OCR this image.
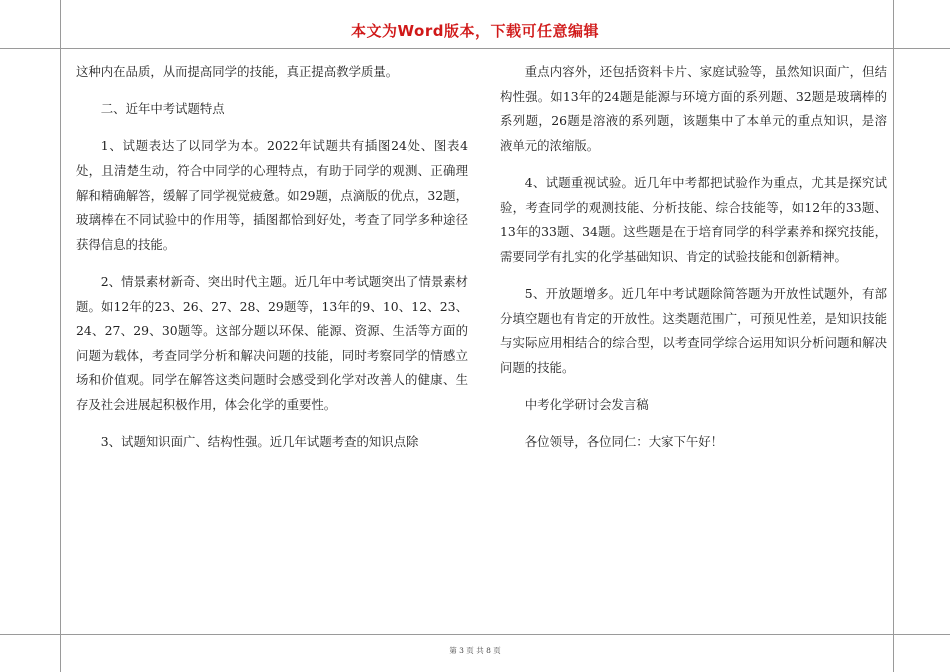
本文为Word版本，下载可任意编辑

这种内在品质，从而提高同学的技能，真正提高教学质量。

二、近年中考试题特点

1、试题表达了以同学为本。2022年试题共有插图24处、图表4处，且清楚生动，符合中同学的心理特点，有助于同学的观测、正确理解和精确解答，缓解了同学视觉疲惫。如29题，点滴版的优点，32题，玻璃棒在不同试验中的作用等，插图都恰到好处，考查了同学多种途径获得信息的技能。

2、情景素材新奇、突出时代主题。近几年中考试题突出了情景素材题。如12年的23、26、27、28、29题等，13年的9、10、12、23、24、27、29、30题等。这部分题以环保、能源、资源、生活等方面的问题为载体，考查同学分析和解决问题的技能，同时考察同学的情感立场和价值观。同学在解答这类问题时会感受到化学对改善人的健康、生存及社会进展起积极作用，体会化学的重要性。

3、试题知识面广、结构性强。近几年试题考查的知识点除

重点内容外，还包括资料卡片、家庭试验等，虽然知识面广，但结构性强。如13年的24题是能源与环境方面的系列题、32题是玻璃棒的系列题，26题是溶液的系列题，该题集中了本单元的重点知识，是溶液单元的浓缩版。

4、试题重视试验。近几年中考都把试验作为重点，尤其是探究试验，考查同学的观测技能、分析技能、综合技能等，如12年的33题、13年的33题、34题。这些题是在于培育同学的科学素养和探究技能，需要同学有扎实的化学基础知识、肯定的试验技能和创新精神。

5、开放题增多。近几年中考试题除简答题为开放性试题外，有部分填空题也有肯定的开放性。这类题范围广，可预见性差，是知识技能与实际应用相结合的综合型，以考查同学综合运用知识分析问题和解决问题的技能。

中考化学研讨会发言稿

各位领导，各位同仁：大家下午好！

第 3 页 共 8 页
